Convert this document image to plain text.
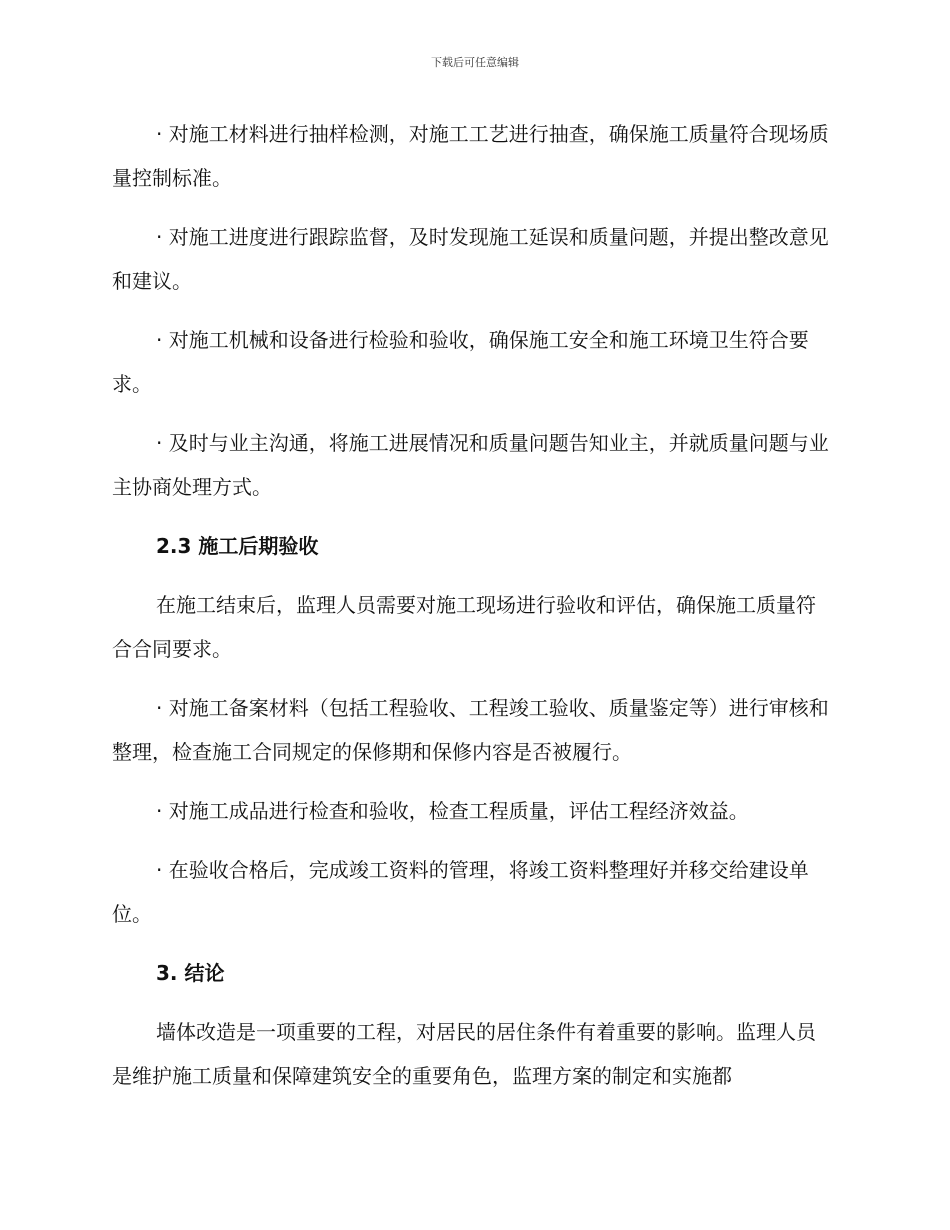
下载后可任意编辑

· 对施工材料进行抽样检测，对施工工艺进行抽查，确保施工质量符合现场质量控制标准。

· 对施工进度进行跟踪监督，及时发现施工延误和质量问题，并提出整改意见和建议。

· 对施工机械和设备进行检验和验收，确保施工安全和施工环境卫生符合要求。

· 及时与业主沟通，将施工进展情况和质量问题告知业主，并就质量问题与业主协商处理方式。

2.3 施工后期验收

在施工结束后，监理人员需要对施工现场进行验收和评估，确保施工质量符合合同要求。

· 对施工备案材料（包括工程验收、工程竣工验收、质量鉴定等）进行审核和整理，检查施工合同规定的保修期和保修内容是否被履行。

· 对施工成品进行检查和验收，检查工程质量，评估工程经济效益。

· 在验收合格后，完成竣工资料的管理，将竣工资料整理好并移交给建设单位。

3. 结论

墙体改造是一项重要的工程，对居民的居住条件有着重要的影响。监理人员是维护施工质量和保障建筑安全的重要角色，监理方案的制定和实施都
